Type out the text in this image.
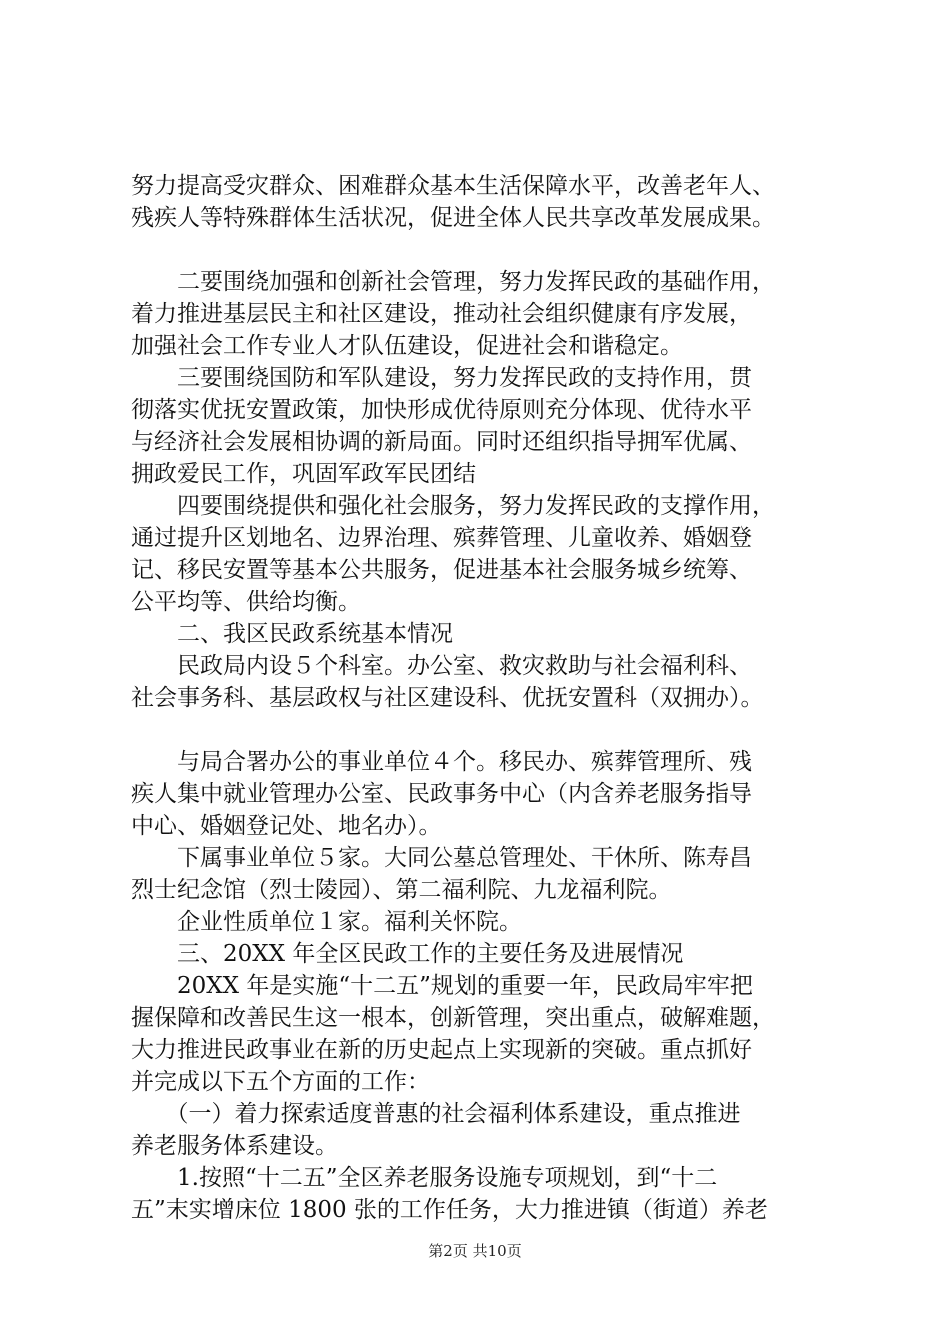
努力提高受灾群众、困难群众基本生活保障水平，改善老年人、
残疾人等特殊群体生活状况，促进全体人民共享改革发展成果。
　　二要围绕加强和创新社会管理，努力发挥民政的基础作用，
着力推进基层民主和社区建设，推动社会组织健康有序发展，
加强社会工作专业人才队伍建设，促进社会和谐稳定。
　　三要围绕国防和军队建设，努力发挥民政的支持作用，贯
彻落实优抚安置政策，加快形成优待原则充分体现、优待水平
与经济社会发展相协调的新局面。同时还组织指导拥军优属、
拥政爱民工作，巩固军政军民团结
　　四要围绕提供和强化社会服务，努力发挥民政的支撑作用，
通过提升区划地名、边界治理、殡葬管理、儿童收养、婚姻登
记、移民安置等基本公共服务，促进基本社会服务城乡统筹、
公平均等、供给均衡。
　　二、我区民政系统基本情况
　　民政局内设５个科室。办公室、救灾救助与社会福利科、
社会事务科、基层政权与社区建设科、优抚安置科（双拥办）。
　　与局合署办公的事业单位４个。移民办、殡葬管理所、残
疾人集中就业管理办公室、民政事务中心（内含养老服务指导
中心、婚姻登记处、地名办）。
　　下属事业单位５家。大同公墓总管理处、干休所、陈寿昌
烈士纪念馆（烈士陵园）、第二福利院、九龙福利院。
　　企业性质单位１家。福利关怀院。
　　三、20XX 年全区民政工作的主要任务及进展情况
　　20XX 年是实施“十二五”规划的重要一年，民政局牢牢把
握保障和改善民生这一根本，创新管理，突出重点，破解难题，
大力推进民政事业在新的历史起点上实现新的突破。重点抓好
并完成以下五个方面的工作：
　　（一）着力探索适度普惠的社会福利体系建设，重点推进
养老服务体系建设。
　　1.按照“十二五”全区养老服务设施专项规划，到“十二
五”末实增床位 1800 张的工作任务，大力推进镇（街道）养老
第2页 共10页
